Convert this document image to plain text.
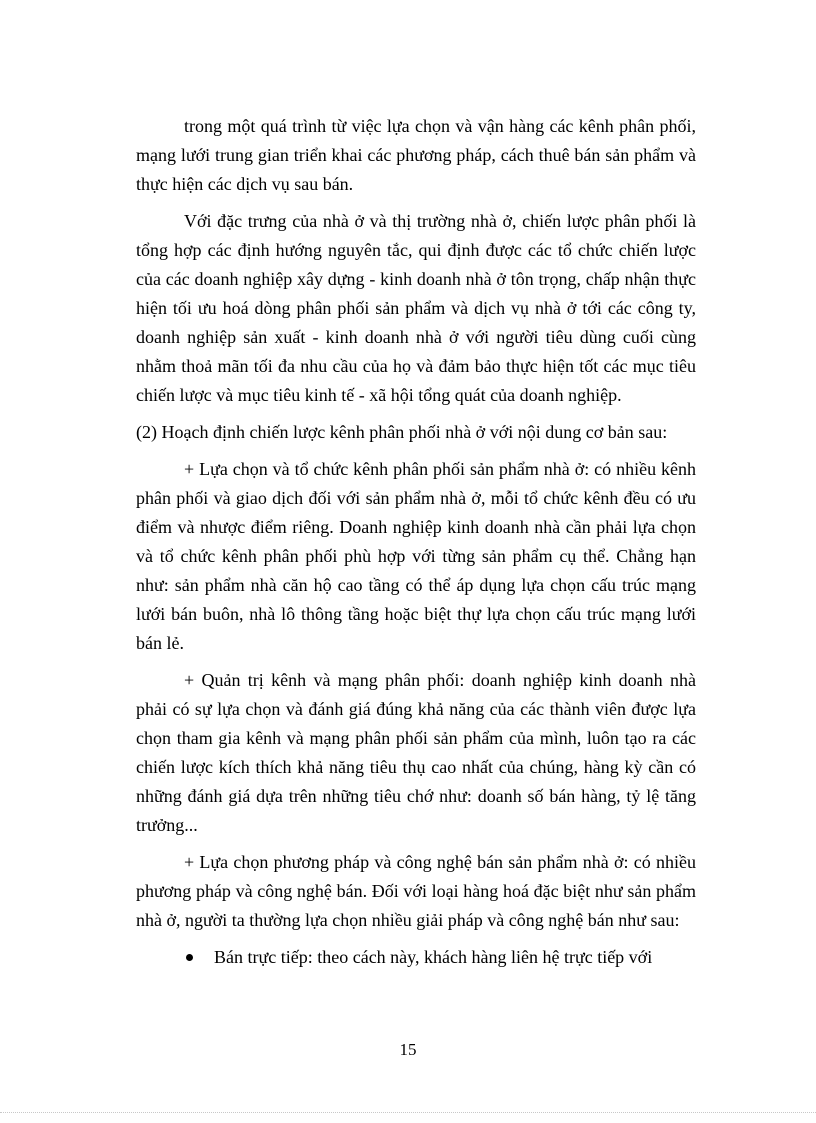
trong một quá trình từ việc lựa chọn và vận hàng các kênh phân phối, mạng lưới trung gian triển khai các phương pháp, cách thuê bán sản phẩm và thực hiện các dịch vụ sau bán.

Với đặc trưng của nhà ở và thị trường nhà ở, chiến lược phân phối là tổng hợp các định hướng nguyên tắc, qui định được các tổ chức chiến lược của các doanh nghiệp xây dựng - kinh doanh nhà ở tôn trọng, chấp nhận thực hiện tối ưu hoá dòng phân phối sản phẩm và dịch vụ nhà ở tới các công ty, doanh nghiệp sản xuất - kinh doanh nhà ở với người tiêu dùng cuối cùng nhằm thoả mãn tối đa nhu cầu của họ và đảm bảo thực hiện tốt các mục tiêu chiến lược và mục tiêu kinh tế - xã hội tổng quát của doanh nghiệp.

(2) Hoạch định chiến lược kênh phân phối nhà ở với nội dung cơ bản sau:

+ Lựa chọn và tổ chức kênh phân phối sản phẩm nhà ở: có nhiều kênh phân phối và giao dịch đối với sản phẩm nhà ở, mỗi tổ chức kênh đều có ưu điểm và nhược điểm riêng. Doanh nghiệp kinh doanh nhà cần phải lựa chọn và tổ chức kênh phân phối phù hợp với từng sản phẩm cụ thể. Chẳng hạn như: sản phẩm nhà căn hộ cao tầng có thể áp dụng lựa chọn cấu trúc mạng lưới bán buôn, nhà lô thông tầng hoặc biệt thự lựa chọn cấu trúc mạng lưới bán lẻ.

+ Quản trị kênh và mạng phân phối: doanh nghiệp kinh doanh nhà phải có sự lựa chọn và đánh giá đúng khả năng của các thành viên được lựa chọn tham gia kênh và mạng phân phối sản phẩm của mình, luôn tạo ra các chiến lược kích thích khả năng tiêu thụ cao nhất của chúng, hàng kỳ cần có những đánh giá dựa trên những tiêu chớ như: doanh số bán hàng, tỷ lệ tăng trưởng...

+ Lựa chọn phương pháp và công nghệ bán sản phẩm nhà ở: có nhiều phương pháp và công nghệ bán. Đối với loại hàng hoá đặc biệt như sản phẩm nhà ở, người ta thường lựa chọn nhiều giải pháp và công nghệ bán như sau:

Bán trực tiếp: theo cách này, khách hàng liên hệ trực tiếp với
15
